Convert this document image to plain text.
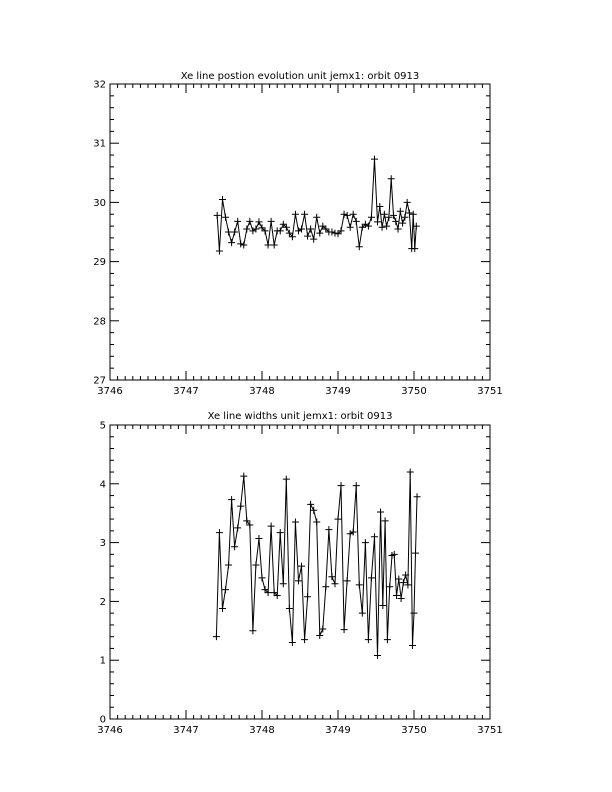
Xe line postion evolution unit jemx1: orbit 0913
3746	3747	3748	3749	3750	3751
27
28
29
30
31
32
Xe line widths unit jemx1: orbit 0913
3746	3747	3748	3749	3750	3751
0
1
2
3
4
5
